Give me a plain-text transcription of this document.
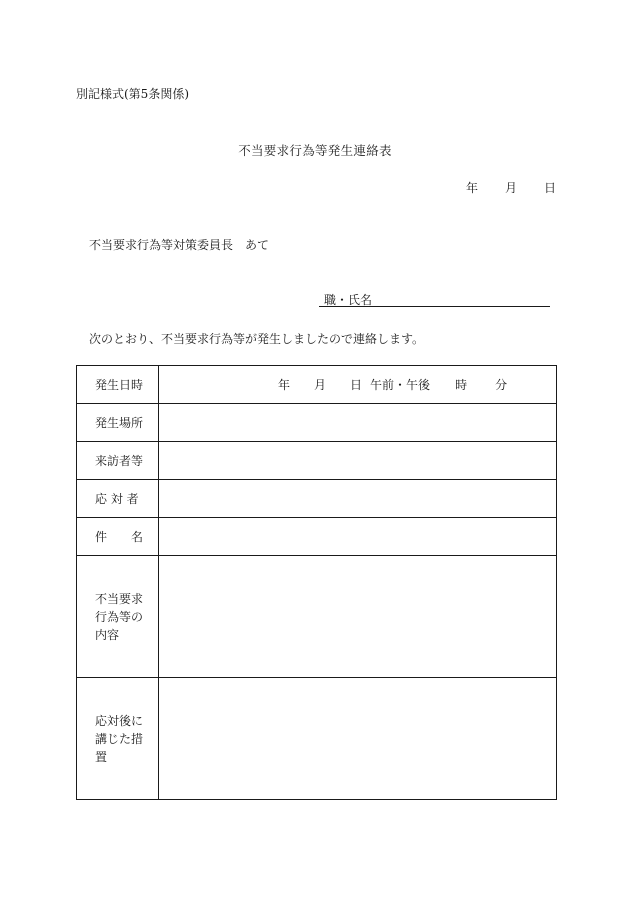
別記様式(第5条関係)
不当要求行為等発生連絡表
年 月 日
不当要求行為等対策委員長 あて
職・氏名
次のとおり、不当要求行為等が発生しましたので連絡します。
発生日時	年 月 日 午前・午後 時 分

発生場所	
来訪者等	
応 対 者	
件　　名	

不当要求
行為等の
内容	

応対後に
講じた措
置	
